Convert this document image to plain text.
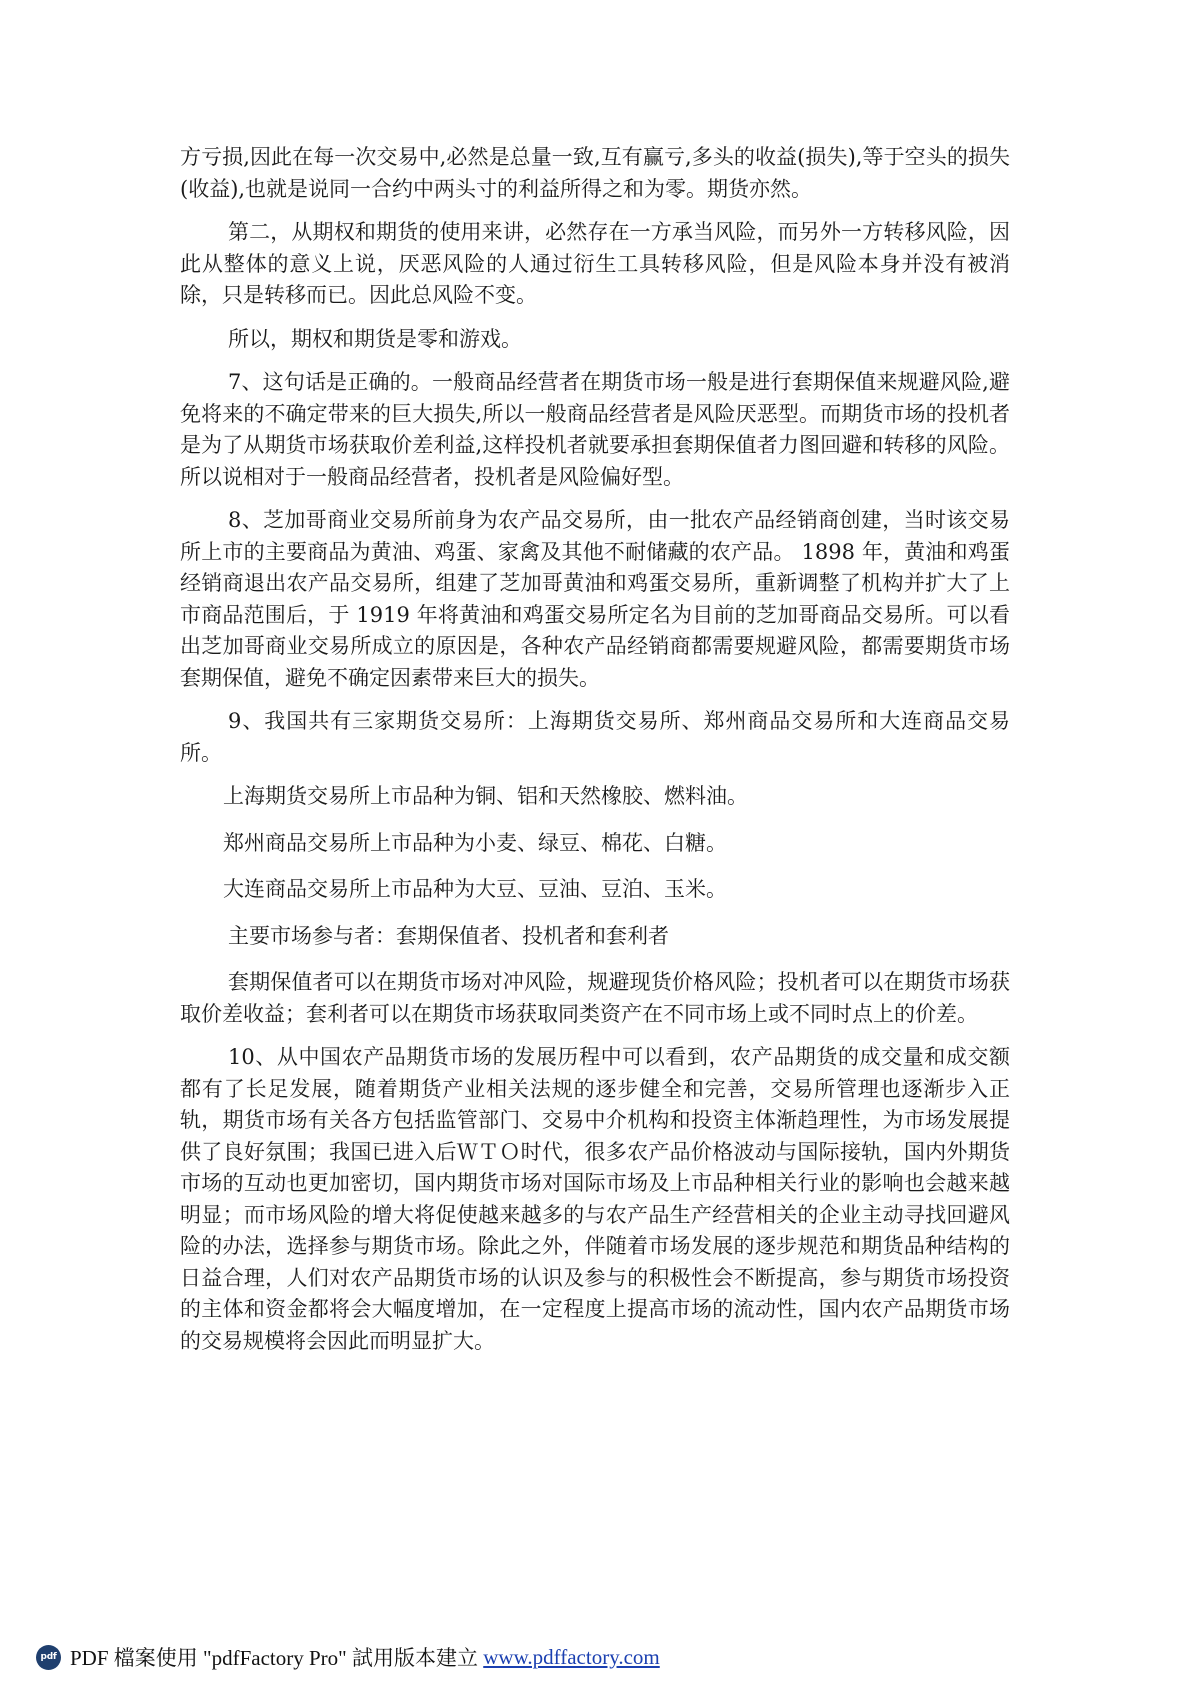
方亏损,因此在每一次交易中,必然是总量一致,互有赢亏,多头的收益(损失),等于空头的损失(收益),也就是说同一合约中两头寸的利益所得之和为零。期货亦然。

第二，从期权和期货的使用来讲，必然存在一方承当风险，而另外一方转移风险，因此从整体的意义上说，厌恶风险的人通过衍生工具转移风险，但是风险本身并没有被消除，只是转移而已。因此总风险不变。

所以，期权和期货是零和游戏。

7、这句话是正确的。一般商品经营者在期货市场一般是进行套期保值来规避风险,避免将来的不确定带来的巨大损失,所以一般商品经营者是风险厌恶型。而期货市场的投机者是为了从期货市场获取价差利益,这样投机者就要承担套期保值者力图回避和转移的风险。所以说相对于一般商品经营者，投机者是风险偏好型。

8、芝加哥商业交易所前身为农产品交易所，由一批农产品经销商创建，当时该交易所上市的主要商品为黄油、鸡蛋、家禽及其他不耐储藏的农产品。 1898 年，黄油和鸡蛋经销商退出农产品交易所，组建了芝加哥黄油和鸡蛋交易所，重新调整了机构并扩大了上市商品范围后，于 1919 年将黄油和鸡蛋交易所定名为目前的芝加哥商品交易所。可以看出芝加哥商业交易所成立的原因是，各种农产品经销商都需要规避风险，都需要期货市场套期保值，避免不确定因素带来巨大的损失。

9、我国共有三家期货交易所：上海期货交易所、郑州商品交易所和大连商品交易所。

上海期货交易所上市品种为铜、铝和天然橡胶、燃料油。

郑州商品交易所上市品种为小麦、绿豆、棉花、白糖。

大连商品交易所上市品种为大豆、豆油、豆泊、玉米。

主要市场参与者：套期保值者、投机者和套利者

套期保值者可以在期货市场对冲风险，规避现货价格风险；投机者可以在期货市场获取价差收益；套利者可以在期货市场获取同类资产在不同市场上或不同时点上的价差。

10、从中国农产品期货市场的发展历程中可以看到，农产品期货的成交量和成交额都有了长足发展，随着期货产业相关法规的逐步健全和完善，交易所管理也逐渐步入正轨，期货市场有关各方包括监管部门、交易中介机构和投资主体渐趋理性，为市场发展提供了良好氛围；我国已进入后ＷＴＯ时代，很多农产品价格波动与国际接轨，国内外期货市场的互动也更加密切，国内期货市场对国际市场及上市品种相关行业的影响也会越来越明显；而市场风险的增大将促使越来越多的与农产品生产经营相关的企业主动寻找回避风险的办法，选择参与期货市场。除此之外，伴随着市场发展的逐步规范和期货品种结构的日益合理，人们对农产品期货市场的认识及参与的积极性会不断提高，参与期货市场投资的主体和资金都将会大幅度增加，在一定程度上提高市场的流动性，国内农产品期货市场的交易规模将会因此而明显扩大。

pdf PDF 檔案使用 "pdfFactory Pro" 試用版本建立 www.pdffactory.com
